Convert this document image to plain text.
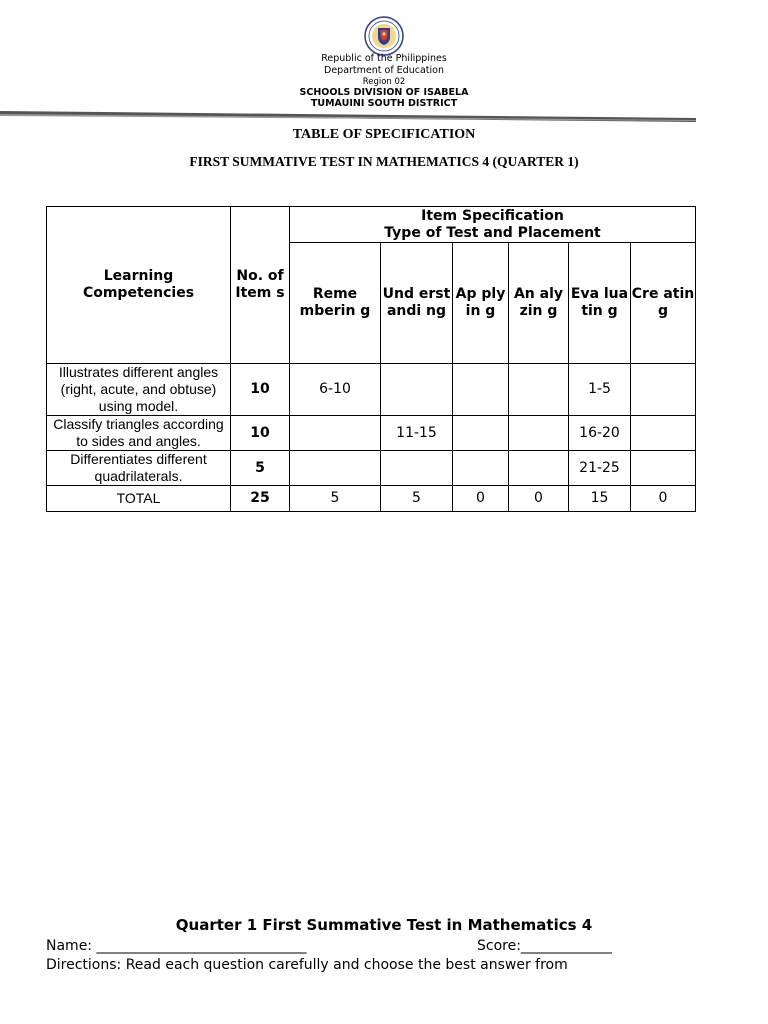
Republic of the Philippines
Department of Education
Region 02
SCHOOLS DIVISION OF ISABELA
TUMAUINI SOUTH DISTRICT
TABLE OF SPECIFICATION
FIRST SUMMATIVE TEST IN MATHEMATICS 4 (QUARTER 1)
Learning Competencies	No. of Item s	Item Specification
Type of Test and Placement					

		Reme mberin g	Und erst andi ng	Ap ply in g	An aly zin g	Eva lua tin g	Cre atin g
Illustrates different angles (right, acute, and obtuse) using model.	10	6-10				1-5	
Classify triangles according to sides and angles.	10		11-15			16-20	
Differentiates different quadrilaterals.	5					21-25	
TOTAL	25	5	5	0	0	15	0
Quarter 1 First Summative Test in Mathematics 4
Name: ______________________________	Score:_____________
Directions: Read each question carefully and choose the best answer from
